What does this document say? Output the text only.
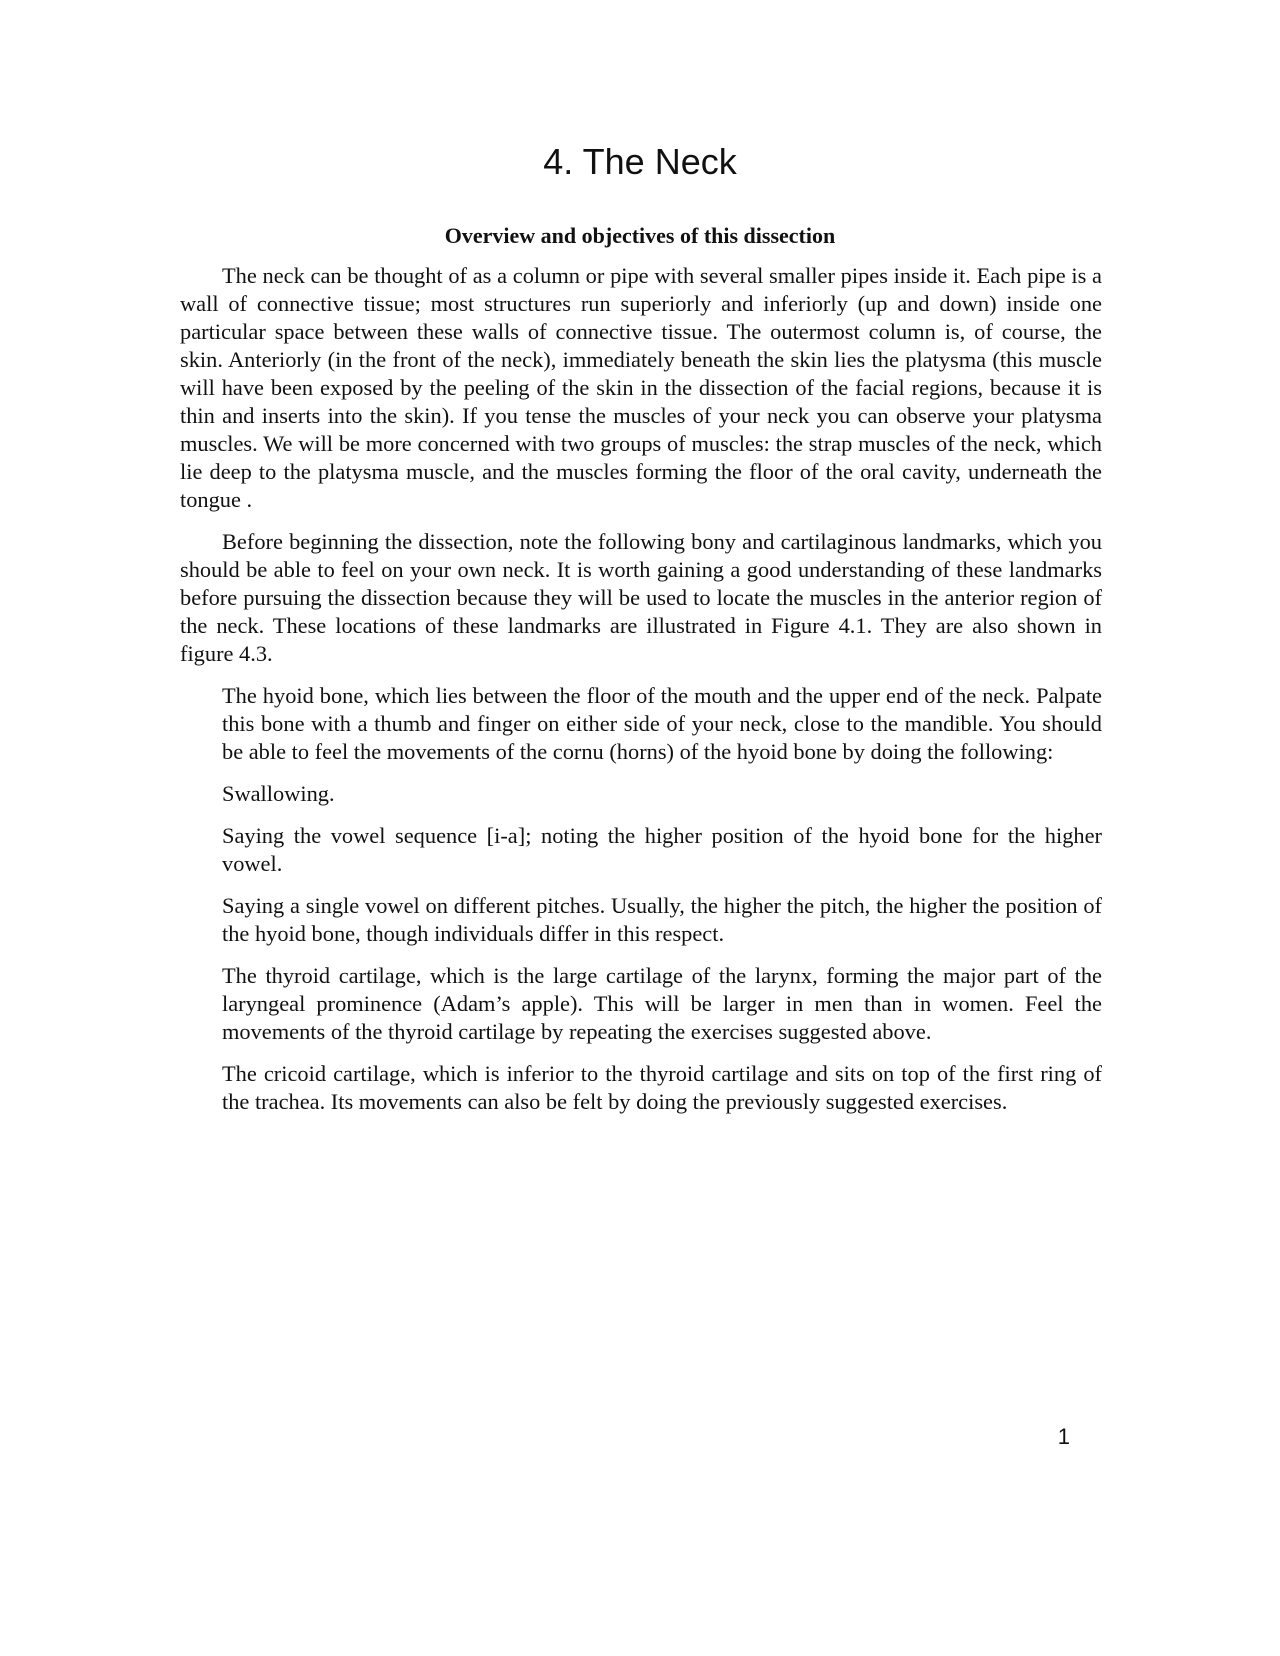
4. The Neck
Overview and objectives of this dissection

The neck can be thought of as a column or pipe with several smaller pipes inside it. Each pipe is a wall of connective tissue; most structures run superiorly and inferiorly (up and down) inside one particular space between these walls of connective tissue. The outermost column is, of course, the skin. Anteriorly (in the front of the neck), immediately beneath the skin lies the platysma (this muscle will have been exposed by the peeling of the skin in the dissection of the facial regions, because it is thin and inserts into the skin). If you tense the muscles of your neck you can observe your platysma muscles. We will be more concerned with two groups of muscles: the strap muscles of the neck, which lie deep to the platysma muscle, and the muscles forming the floor of the oral cavity, underneath the tongue .

Before beginning the dissection, note the following bony and cartilaginous landmarks, which you should be able to feel on your own neck. It is worth gaining a good understanding of these landmarks before pursuing the dissection because they will be used to locate the muscles in the anterior region of the neck. These locations of these landmarks are illustrated in Figure 4.1. They are also shown in figure 4.3.

The hyoid bone, which lies between the floor of the mouth and the upper end of the neck. Palpate this bone with a thumb and finger on either side of your neck, close to the mandible. You should be able to feel the movements of the cornu (horns) of the hyoid bone by doing the following:

Swallowing.

Saying the vowel sequence [i-a]; noting the higher position of the hyoid bone for the higher vowel.

Saying a single vowel on different pitches. Usually, the higher the pitch, the higher the position of the hyoid bone, though individuals differ in this respect.

The thyroid cartilage, which is the large cartilage of the larynx, forming the major part of the laryngeal prominence (Adam’s apple). This will be larger in men than in women. Feel the movements of the thyroid cartilage by repeating the exercises suggested above.

The cricoid cartilage, which is inferior to the thyroid cartilage and sits on top of the first ring of the trachea. Its movements can also be felt by doing the previously suggested exercises.

1
